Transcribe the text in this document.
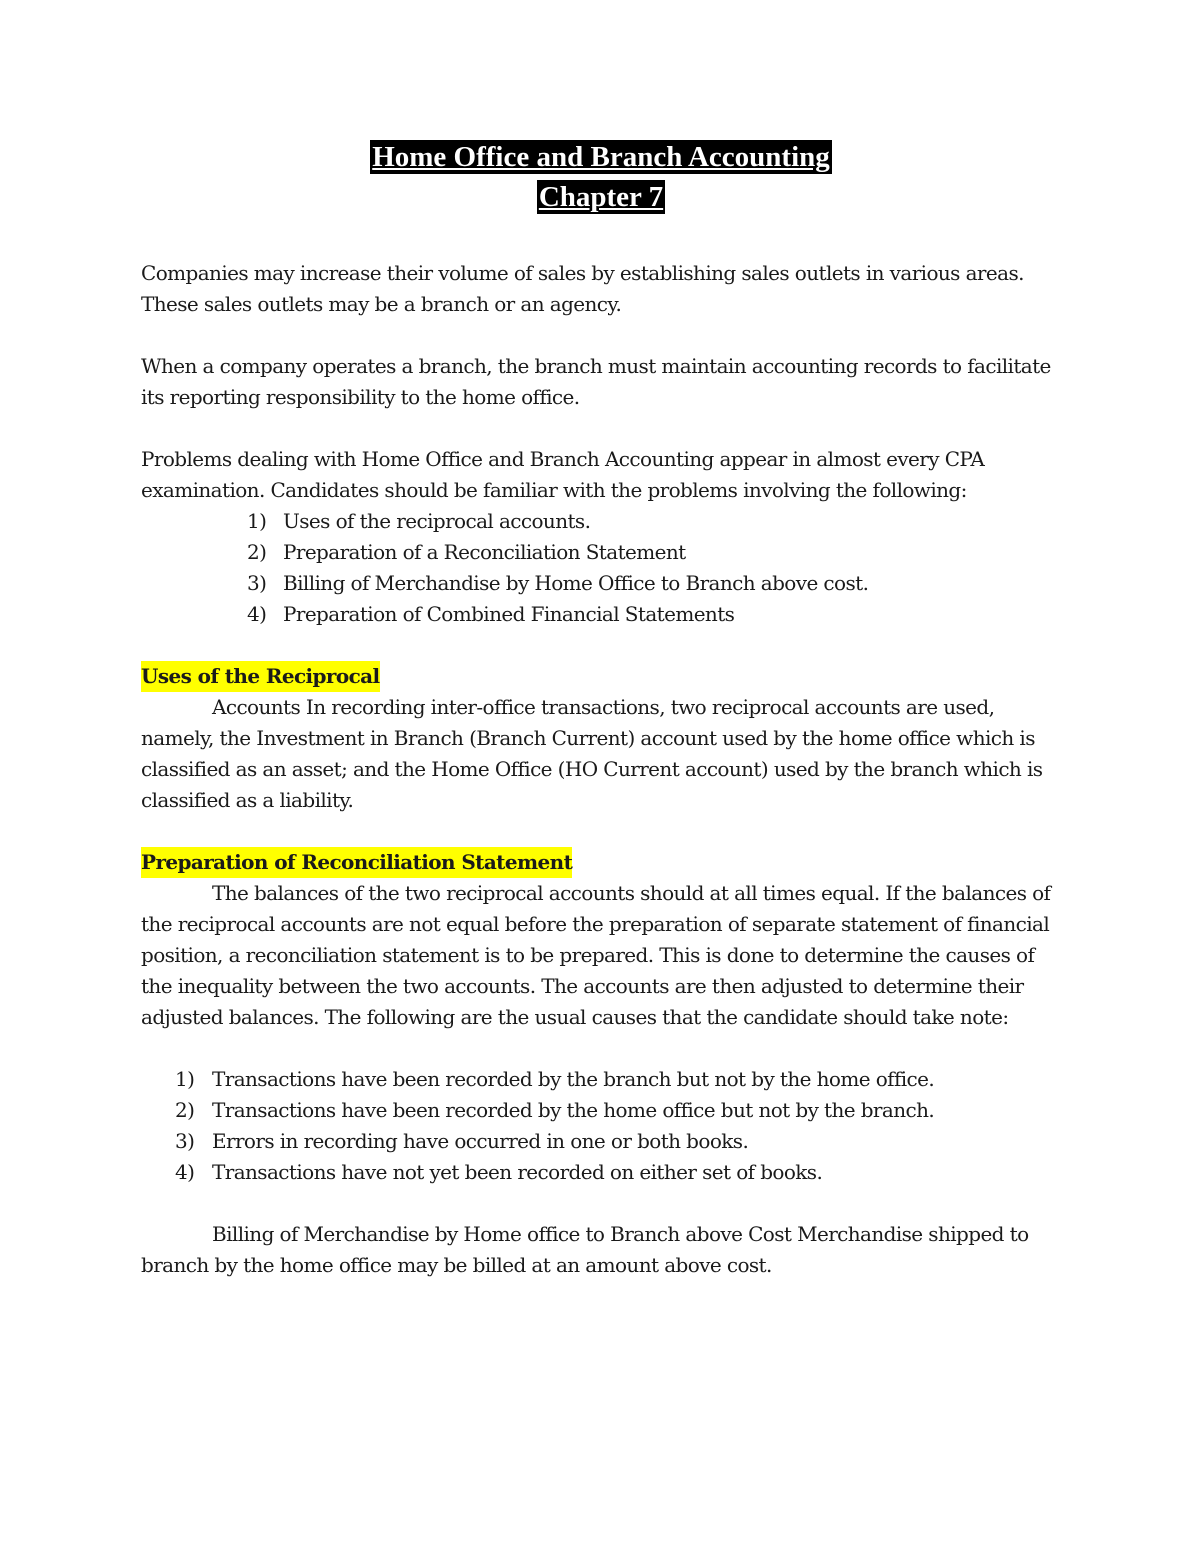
Home Office and Branch Accounting
Chapter 7

Companies may increase their volume of sales by establishing sales outlets in various areas. These sales outlets may be a branch or an agency.

When a company operates a branch, the branch must maintain accounting records to facilitate its reporting responsibility to the home office.

Problems dealing with Home Office and Branch Accounting appear in almost every CPA examination. Candidates should be familiar with the problems involving the following:

1) Uses of the reciprocal accounts.
2) Preparation of a Reconciliation Statement
3) Billing of Merchandise by Home Office to Branch above cost.
4) Preparation of Combined Financial Statements
Uses of the Reciprocal

Accounts In recording inter-office transactions, two reciprocal accounts are used, namely, the Investment in Branch (Branch Current) account used by the home office which is classified as an asset; and the Home Office (HO Current account) used by the branch which is classified as a liability.

Preparation of Reconciliation Statement

The balances of the two reciprocal accounts should at all times equal. If the balances of the reciprocal accounts are not equal before the preparation of separate statement of financial position, a reconciliation statement is to be prepared. This is done to determine the causes of the inequality between the two accounts. The accounts are then adjusted to determine their adjusted balances. The following are the usual causes that the candidate should take note:

1) Transactions have been recorded by the branch but not by the home office.
2) Transactions have been recorded by the home office but not by the branch.
3) Errors in recording have occurred in one or both books.
4) Transactions have not yet been recorded on either set of books.

Billing of Merchandise by Home office to Branch above Cost Merchandise shipped to branch by the home office may be billed at an amount above cost.
